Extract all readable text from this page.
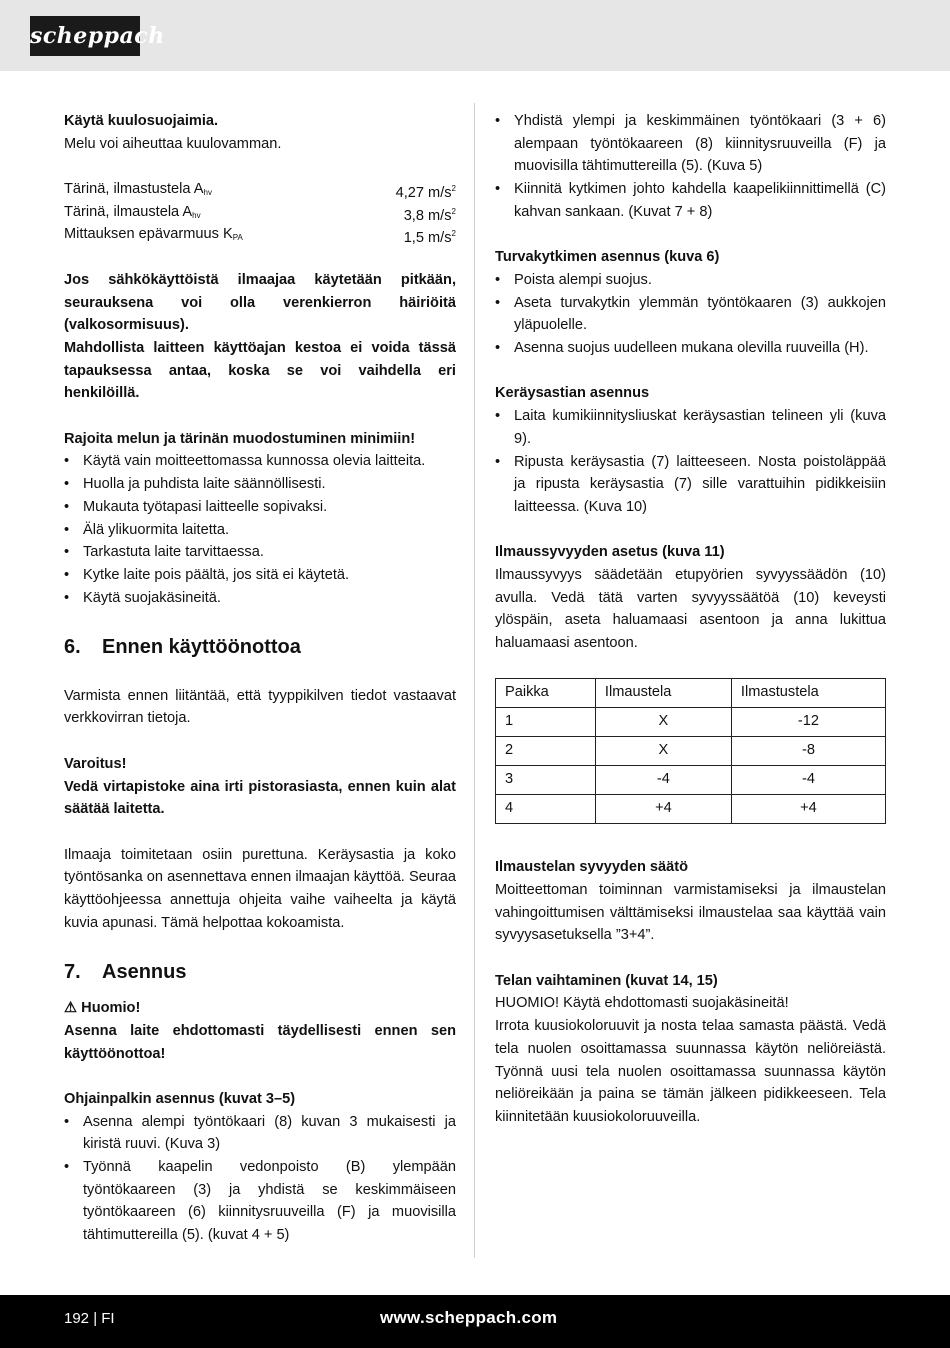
scheppach

Käytä kuulosuojaimia.

Melu voi aiheuttaa kuulovamman.

Tärinä, ilmastustela $A_{hv}$	4,27 $m/s^2$
Tärinä, ilmaustela $A_{hv}$	3,8 $m/s^2$
Mittauksen epävarmuus $K_{PA}$	1,5 $m/s^2$

Jos sähkökäyttöistä ilmaajaa käytetään pitkään, seurauksena voi olla verenkierron häiriöitä (valkosormisuus).

Mahdollista laitteen käyttöajan kestoa ei voida tässä tapauksessa antaa, koska se voi vaihdella eri henkilöillä.

Rajoita melun ja tärinän muodostuminen minimiin!

• Käytä vain moitteettomassa kunnossa olevia laitteita.
• Huolla ja puhdista laite säännöllisesti.
• Mukauta työtapasi laitteelle sopivaksi.
• Älä ylikuormita laitetta.
• Tarkastuta laite tarvittaessa.
• Kytke laite pois päältä, jos sitä ei käytetä.
• Käytä suojakäsineitä.
6. Ennen käyttöönottoa

Varmista ennen liitäntää, että tyyppikilven tiedot vastaavat verkkovirran tietoja.

Varoitus!

Vedä virtapistoke aina irti pistorasiasta, ennen kuin alat säätää laitetta.

Ilmaaja toimitetaan osiin purettuna. Keräysastia ja koko työntösanka on asennettava ennen ilmaajan käyttöä. Seuraa käyttöohjeessa annettuja ohjeita vaihe vaiheelta ja käytä kuvia apunasi. Tämä helpottaa kokoamista.

7. Asennus

⚠ Huomio!

Asenna laite ehdottomasti täydellisesti ennen sen käyttöönottoa!

Ohjainpalkin asennus (kuvat 3–5)

• Asenna alempi työntökaari (8) kuvan 3 mukaisesti ja kiristä ruuvi. (Kuva 3)
• Työnnä kaapelin vedonpoisto (B) ylempään työntökaareen (3) ja yhdistä se keskimmäiseen työntökaareen (6) kiinnitysruuveilla (F) ja muovisilla tähtimuttereilla (5). (kuvat 4 + 5)
• Yhdistä ylempi ja keskimmäinen työntökaari (3 + 6) alempaan työntökaareen (8) kiinnitysruuveilla (F) ja muovisilla tähtimuttereilla (5). (Kuva 5)
• Kiinnitä kytkimen johto kahdella kaapelikiinnittimellä (C) kahvan sankaan. (Kuvat 7 + 8)

Turvakytkimen asennus (kuva 6)

• Poista alempi suojus.
• Aseta turvakytkin ylemmän työntökaaren (3) aukkojen yläpuolelle.
• Asenna suojus uudelleen mukana olevilla ruuveilla (H).

Keräysastian asennus

• Laita kumikiinnitysliuskat keräysastian telineen yli (kuva 9).
• Ripusta keräysastia (7) laitteeseen. Nosta poistoläppää ja ripusta keräysastia (7) sille varattuihin pidikkeisiin laitteessa. (Kuva 10)

Ilmaussyvyyden asetus (kuva 11)

Ilmaussyvyys säädetään etupyörien syvyyssäädön (10) avulla. Vedä tätä varten syvyyssäätöä (10) keveysti ylöspäin, aseta haluamaasi asentoon ja anna lukittua haluamaasi asentoon.

Paikka	Ilmaustela	Ilmastustela
1	X	-12
2	X	-8
3	-4	-4
4	+4	+4

Ilmaustelan syvyyden säätö

Moitteettoman toiminnan varmistamiseksi ja ilmaustelan vahingoittumisen välttämiseksi ilmaustelaa saa käyttää vain syvyysasetuksella ”3+4”.

Telan vaihtaminen (kuvat 14, 15)

HUOMIO! Käytä ehdottomasti suojakäsineitä!

Irrota kuusiokoloruuvit ja nosta telaa samasta päästä. Vedä tela nuolen osoittamassa suunnassa käytön neliöreiästä. Työnnä uusi tela nuolen osoittamassa suunnassa käytön neliöreikään ja paina se tämän jälkeen pidikkeeseen. Tela kiinnitetään kuusiokoloruuveilla.

192 | FI	www.scheppach.com
